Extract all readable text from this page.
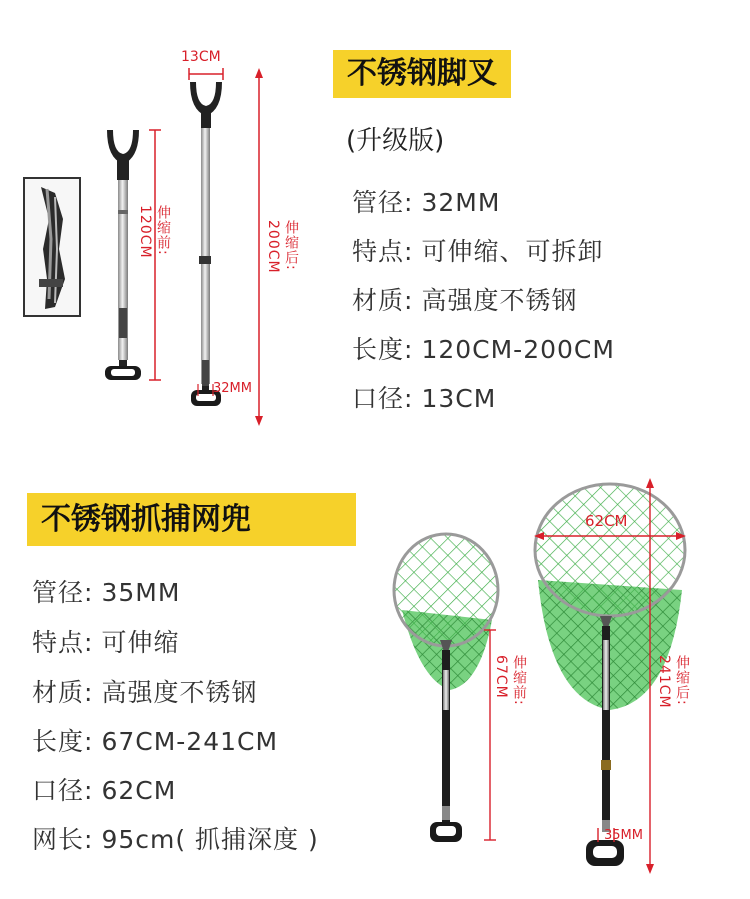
13CM
伸缩前:
120CM	伸缩后:
200CM
32MM
不锈钢脚叉
(升级版)
管径: 32MM
特点: 可伸缩、可拆卸
材质: 高强度不锈钢
长度: 120CM-200CM
口径: 13CM
不锈钢抓捕网兜
管径: 35MM
特点: 可伸缩
材质: 高强度不锈钢
长度: 67CM-241CM
口径: 62CM
网长: 95cm( 抓捕深度 )
62CM
伸缩前:
67CM	伸缩后:
241CM
35MM
